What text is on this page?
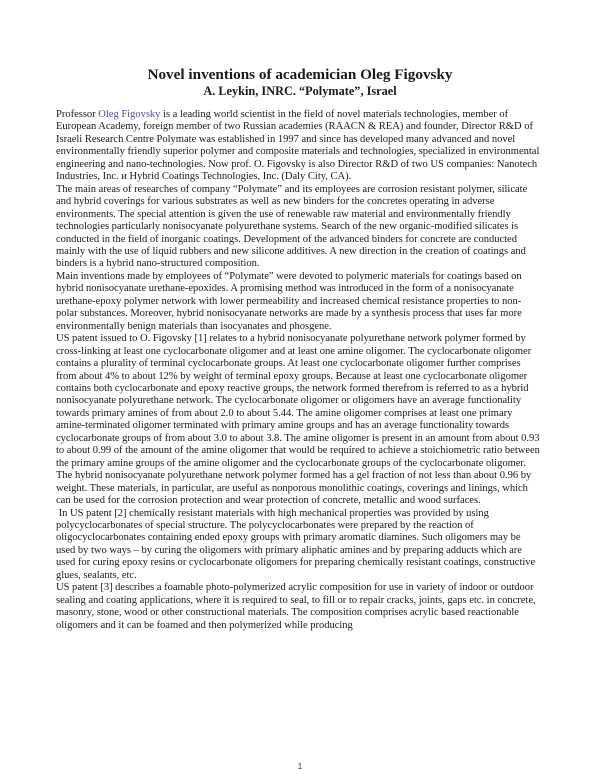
Novel inventions of academician Oleg Figovsky
A. Leykin, INRC. “Polymate”, Israel

Professor Oleg Figovsky is a leading world scientist in the field of novel materials technologies, member of European Academy, foreign member of two Russian academies (RAACN & REA) and founder, Director R&D of Israeli Research Centre Polymate was established in 1997 and since has developed many advanced and novel environmentally friendly superior polymer and composite materials and technologies, specialized in environmental engineering and nano-technologies. Now prof. O. Figovsky is also Director R&D of two US companies: Nanotech Industries, Inc. и Hybrid Coatings Technologies, Inc. (Daly City, CA).

The main areas of researches of company “Polymate” and its employees are corrosion resistant polymer, silicate and hybrid coverings for various substrates as well as new binders for the concretes operating in adverse environments. The special attention is given the use of renewable raw material and environmentally friendly technologies particularly nonisocyanate polyurethane systems. Search of the new organic-modified silicates is conducted in the field of inorganic coatings. Development of the advanced binders for concrete are conducted mainly with the use of liquid rubbers and new silicone additives. A new direction in the creation of coatings and binders is a hybrid nano-structured composition.

Main inventions made by employees of “Polymate” were devoted to polymeric materials for coatings based on hybrid nonisocyanate urethane-epoxides. A promising method was introduced in the form of a nonisocyanate urethane-epoxy polymer network with lower permeability and increased chemical resistance properties to non-polar substances. Moreover, hybrid nonisocyanate networks are made by a synthesis process that uses far more environmentally benign materials than isocyanates and phosgene.

US patent issued to O. Figovsky [1] relates to a hybrid nonisocyanate polyurethane network polymer formed by cross-linking at least one cyclocarbonate oligomer and at least one amine oligomer. The cyclocarbonate oligomer contains a plurality of terminal cyclocarbonate groups. At least one cyclocarbonate oligomer further comprises from about 4% to about 12% by weight of terminal epoxy groups. Because at least one cyclocarbonate oligomer contains both cyclocarbonate and epoxy reactive groups, the network formed therefrom is referred to as a hybrid nonisocyanate polyurethane network. The cyclocarbonate oligomer or oligomers have an average functionality towards primary amines of from about 2.0 to about 5.44. The amine oligomer comprises at least one primary amine-terminated oligomer terminated with primary amine groups and has an average functionality towards cyclocarbonate groups of from about 3.0 to about 3.8. The amine oligomer is present in an amount from about 0.93 to about 0.99 of the amount of the amine oligomer that would be required to achieve a stoichiometric ratio between the primary amine groups of the amine oligomer and the cyclocarbonate groups of the cyclocarbonate oligomer. The hybrid nonisocyanate polyurethane network polymer formed has a gel fraction of not less than about 0.96 by weight. These materials, in particular, are useful as nonporous monolithic coatings, coverings and linings, which can be used for the corrosion protection and wear protection of concrete, metallic and wood surfaces.

In US patent [2] chemically resistant materials with high mechanical properties was provided by using polycyclocarbonates of special structure. The polycyclocarbonates were prepared by the reaction of oligocyclocarbonates containing ended epoxy groups with primary aromatic diamines. Such oligomers may be used by two ways – by curing the oligomers with primary aliphatic amines and by preparing adducts which are used for curing epoxy resins or cyclocarbonate oligomers for preparing chemically resistant coatings, constructive glues, sealants, etc.

US patent [3] describes a foamable photo-polymerized acrylic composition for use in variety of indoor or outdoor sealing and coating applications, where it is required to seal, to fill or to repair cracks, joints, gaps etc. in concrete, masonry, stone, wood or other constructional materials. The composition comprises acrylic based reactionable oligomers and it can be foamed and then polymerized while producing

1
